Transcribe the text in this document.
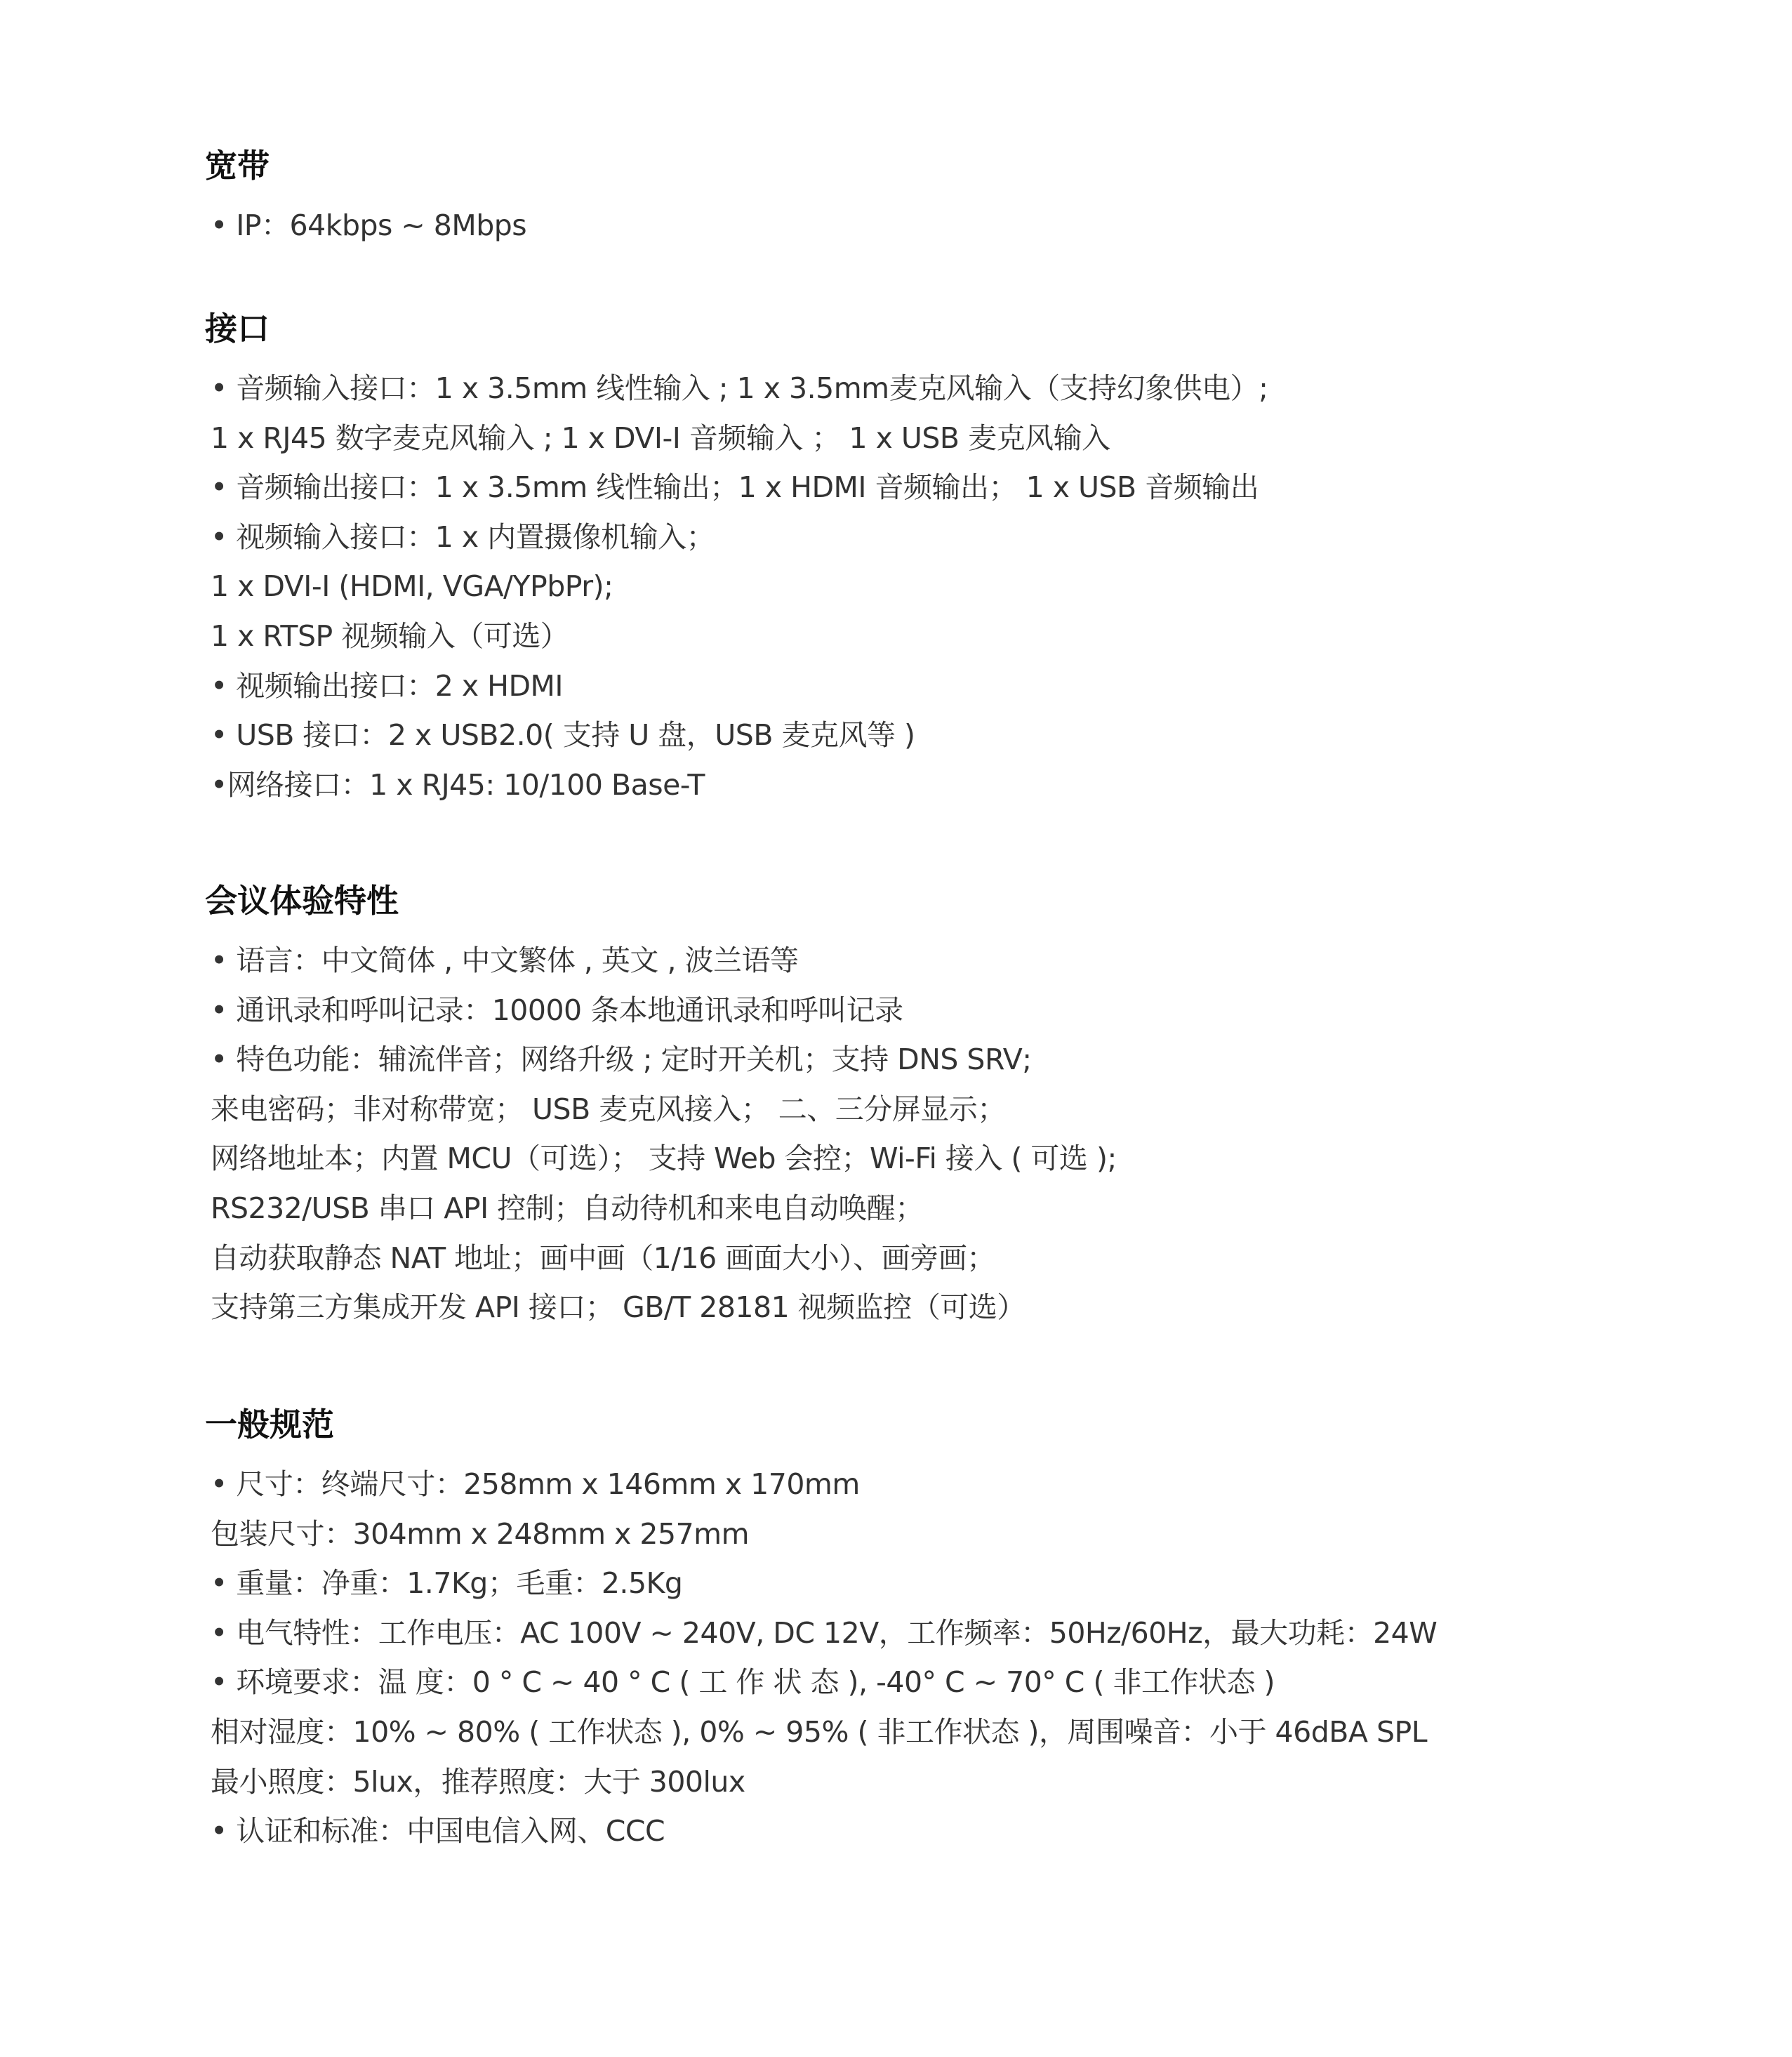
宽带
• IP：64kbps ~ 8Mbps
接口
• 音频输入接口：1 x 3.5mm 线性输入 ; 1 x 3.5mm麦克风输入（支持幻象供电）;
1 x RJ45 数字麦克风输入 ; 1 x DVI-I 音频输入 ； 1 x USB 麦克风输入
• 音频输出接口：1 x 3.5mm 线性输出；1 x HDMI 音频输出； 1 x USB 音频输出
• 视频输入接口：1 x 内置摄像机输入；
1 x DVI-I (HDMI, VGA/YPbPr);
1 x RTSP 视频输入（可选）
• 视频输出接口：2 x HDMI
• USB 接口：2 x USB2.0( 支持 U 盘，USB 麦克风等 )
•网络接口：1 x RJ45: 10/100 Base-T
会议体验特性
• 语言：中文简体 , 中文繁体 , 英文 , 波兰语等
• 通讯录和呼叫记录：10000 条本地通讯录和呼叫记录
• 特色功能：辅流伴音；网络升级 ; 定时开关机；支持 DNS SRV;
来电密码；非对称带宽； USB 麦克风接入； 二、三分屏显示；
网络地址本；内置 MCU（可选）； 支持 Web 会控；Wi-Fi 接入 ( 可选 );
RS232/USB 串口 API 控制；自动待机和来电自动唤醒；
自动获取静态 NAT 地址；画中画（1/16 画面大小）、画旁画；
支持第三方集成开发 API 接口； GB/T 28181 视频监控（可选）
一般规范
• 尺寸：终端尺寸：258mm x 146mm x 170mm
包装尺寸：304mm x 248mm x 257mm
• 重量：净重：1.7Kg；毛重：2.5Kg
• 电气特性：工作电压：AC 100V ~ 240V, DC 12V，工作频率：50Hz/60Hz，最大功耗：24W
• 环境要求：温 度：0 ° C ~ 40 ° C ( 工 作 状 态 ), -40° C ~ 70° C ( 非工作状态 )
相对湿度：10% ~ 80% ( 工作状态 ), 0% ~ 95% ( 非工作状态 )，周围噪音：小于 46dBA SPL
最小照度：5lux，推荐照度：大于 300lux
• 认证和标准：中国电信入网、CCC
